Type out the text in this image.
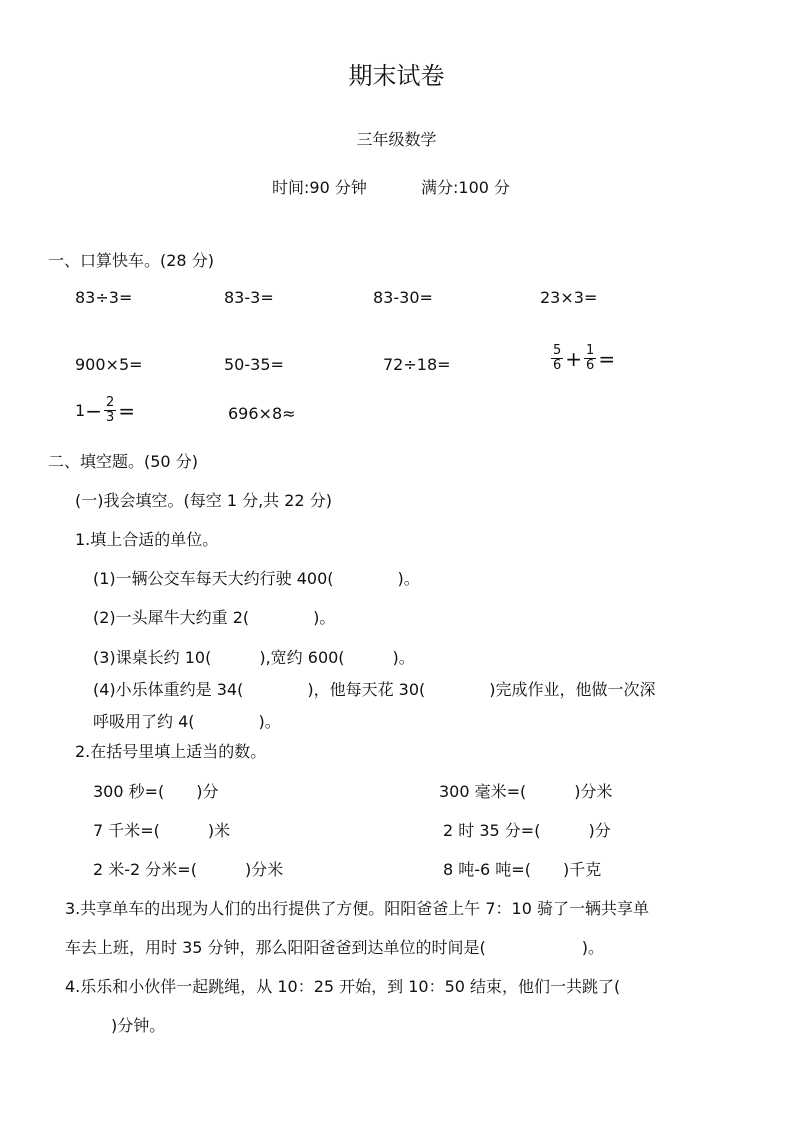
期末试卷
三年级数学
时间:90 分钟	满分:100 分
一、口算快车。(28 分)
83÷3=	83-3=	83-30=	23×3=
900×5=	50-35=	72÷18=	$\frac{5}{6} + \frac{1}{6}$ =
$1 - \frac{2}{3}$ =	696×8≈
二、填空题。(50 分)
(一)我会填空。(每空 1 分,共 22 分)
1.填上合适的单位。
(1)一辆公交车每天大约行驶 400(　　　　)。
(2)一头犀牛大约重 2(　　　　)。
(3)课桌长约 10(　　　),宽约 600(　　　)。
(4)小乐体重约是 34(　　　　)，他每天花 30(　　　　)完成作业，他做一次深
呼吸用了约 4(　　　　)。
2.在括号里填上适当的数。
300 秒=(　　)分	300 毫米=(　　　)分米
7 千米=(　　　)米	2 时 35 分=(　　　)分
2 米-2 分米=(　　　)分米	8 吨-6 吨=(　　)千克
3.共享单车的出现为人们的出行提供了方便。阳阳爸爸上午 7：10 骑了一辆共享单
车去上班，用时 35 分钟，那么阳阳爸爸到达单位的时间是(　　　　　　)。
4.乐乐和小伙伴一起跳绳，从 10：25 开始，到 10：50 结束，他们一共跳了(
)分钟。
